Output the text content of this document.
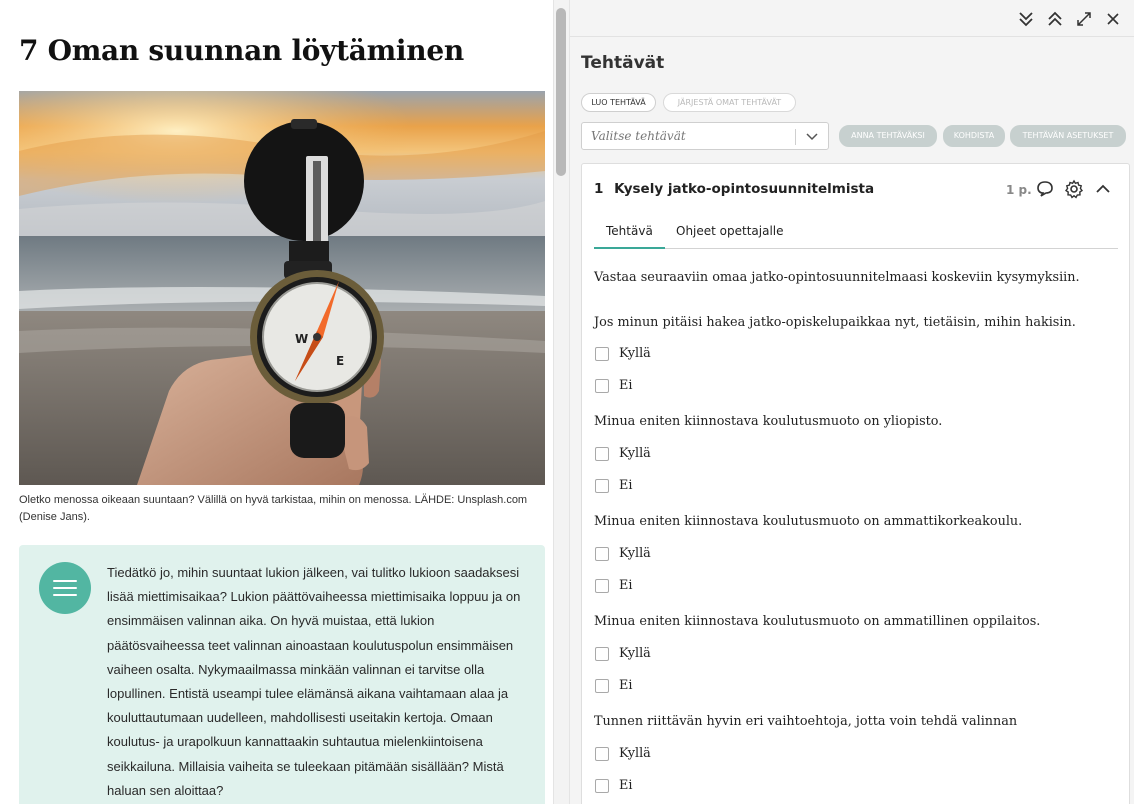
7 Oman suunnan löytäminen
W
E

Oletko menossa oikeaan suuntaan? Välillä on hyvä tarkistaa, mihin on menossa. LÄHDE: Unsplash.com (Denise Jans).

Tiedätkö jo, mihin suuntaat lukion jälkeen, vai tulitko lukioon saadaksesi lisää miettimisaikaa? Lukion päättövaiheessa miettimisaika loppuu ja on ensimmäisen valinnan aika. On hyvä muistaa, että lukion päätösvaiheessa teet valinnan ainoastaan koulutuspolun ensimmäisen vaiheen osalta. Nykymaailmassa minkään valinnan ei tarvitse olla lopullinen. Entistä useampi tulee elämänsä aikana vaihtamaan alaa ja kouluttautumaan uudelleen, mahdollisesti useitakin kertoja. Omaan koulutus- ja urapolkuun kannattaakin suhtautua mielenkiintoisena seikkailuna. Millaisia vaiheita se tuleekaan pitämään sisällään? Mistä haluan sen aloittaa?

Tehtävät
LUO TEHTÄVÄ	JÄRJESTÄ OMAT TEHTÄVÄT
Valitse tehtävät	ANNA TEHTÄVÄKSI	KOHDISTA	TEHTÄVÄN ASETUKSET
1 Kysely jatko-opintosuunnitelmista	1 p.
Tehtävä Ohjeet opettajalle

Vastaa seuraaviin omaa jatko-opintosuunnitelmaasi koskeviin kysymyksiin.

Jos minun pitäisi hakea jatko-opiskelupaikkaa nyt, tietäisin, mihin hakisin.

Kyllä
Ei

Minua eniten kiinnostava koulutusmuoto on yliopisto.

Kyllä
Ei

Minua eniten kiinnostava koulutusmuoto on ammattikorkeakoulu.

Kyllä
Ei

Minua eniten kiinnostava koulutusmuoto on ammatillinen oppilaitos.

Kyllä
Ei

Tunnen riittävän hyvin eri vaihtoehtoja, jotta voin tehdä valinnan

Kyllä
Ei
